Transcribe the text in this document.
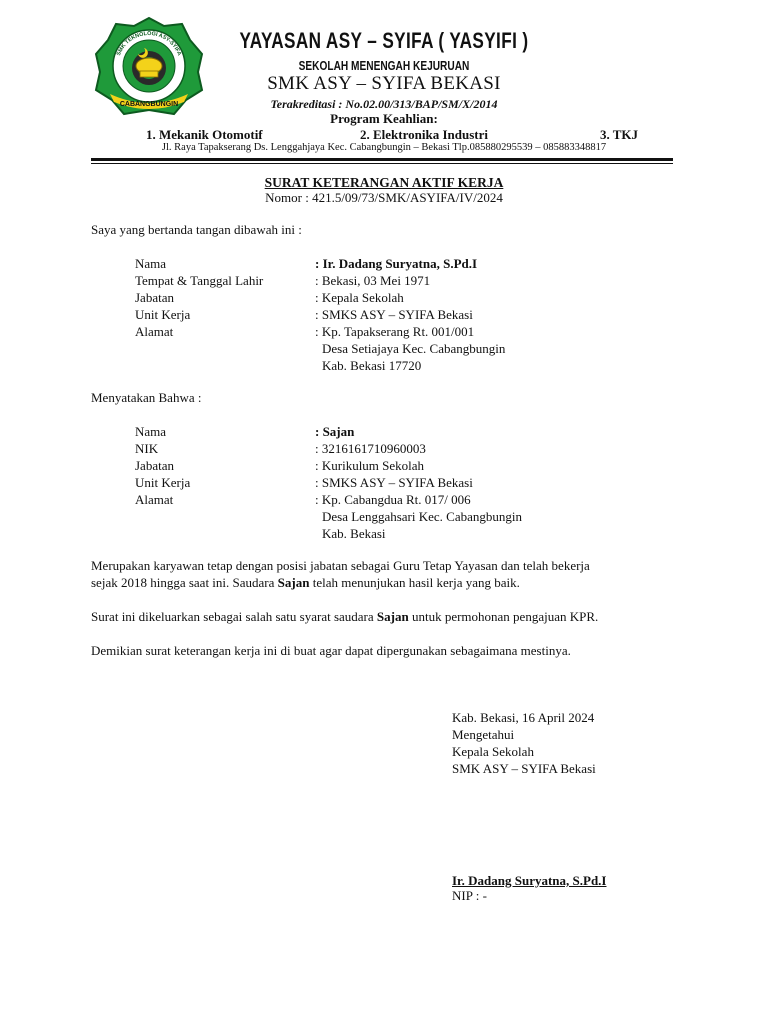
CABANGBUNGIN
SMK TEKNOLOGI ASY-SYIFA
YAYASAN ASY – SYIFA ( YASYIFI )
SEKOLAH MENENGAH KEJURUAN
SMK ASY – SYIFA BEKASI
Terakreditasi : No.02.00/313/BAP/SM/X/2014
Program Keahlian:
1. Mekanik Otomotif	2. Elektronika Industri	3. TKJ
Jl. Raya Tapakserang Ds. Lenggahjaya Kec. Cabangbungin – Bekasi Tlp.085880295539 – 085883348817
SURAT KETERANGAN AKTIF KERJA
Nomor : 421.5/09/73/SMK/ASYIFA/IV/2024
Saya yang bertanda tangan dibawah ini :
Nama	: Ir. Dadang Suryatna, S.Pd.I
Tempat & Tanggal Lahir	: Bekasi, 03 Mei 1971
Jabatan	: Kepala Sekolah
Unit Kerja	: SMKS ASY – SYIFA Bekasi
Alamat	: Kp. Tapakserang Rt. 001/001
Desa Setiajaya Kec. Cabangbungin
Kab. Bekasi 17720
Menyatakan Bahwa :
Nama	: Sajan
NIK	: 3216161710960003
Jabatan	: Kurikulum Sekolah
Unit Kerja	: SMKS ASY – SYIFA Bekasi
Alamat	: Kp. Cabangdua Rt. 017/ 006
Desa Lenggahsari Kec. Cabangbungin
Kab. Bekasi
Merupakan karyawan tetap dengan posisi jabatan sebagai Guru Tetap Yayasan dan telah bekerja
sejak 2018 hingga saat ini. Saudara Sajan telah menunjukan hasil kerja yang baik.
Surat ini dikeluarkan sebagai salah satu syarat saudara Sajan untuk permohonan pengajuan KPR.
Demikian surat keterangan kerja ini di buat agar dapat dipergunakan sebagaimana mestinya.
Kab. Bekasi, 16 April 2024
Mengetahui
Kepala Sekolah
SMK ASY – SYIFA Bekasi
Ir. Dadang Suryatna, S.Pd.I
NIP : -
